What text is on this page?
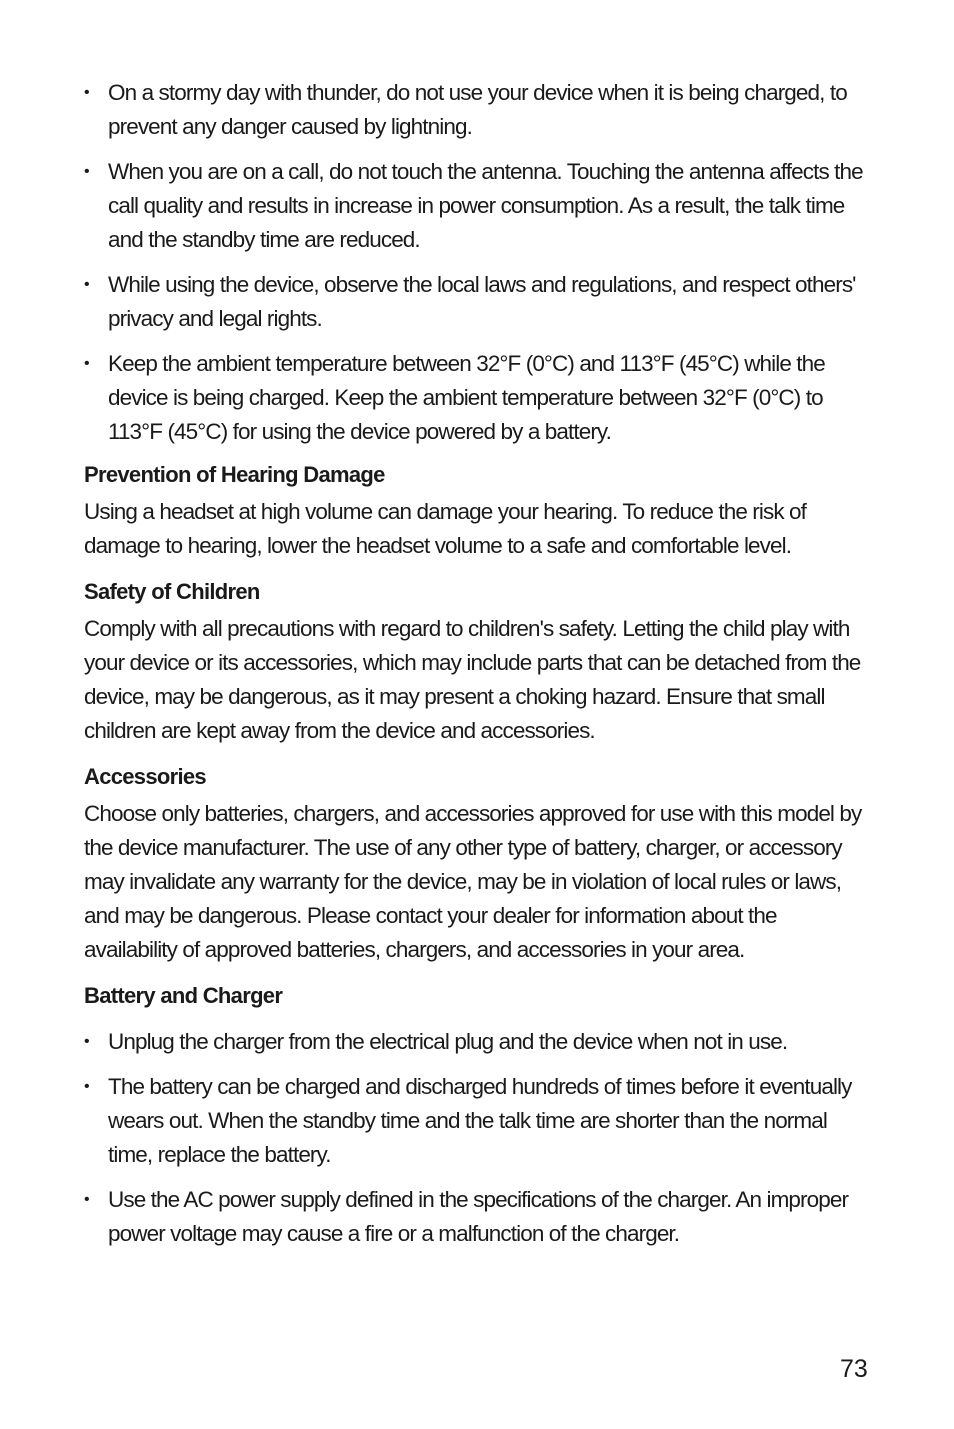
• On a stormy day with thunder, do not use your device when it is being charged, to prevent any danger caused by lightning.
• When you are on a call, do not touch the antenna. Touching the antenna affects the call quality and results in increase in power consumption. As a result, the talk time and the standby time are reduced.
• While using the device, observe the local laws and regulations, and respect others' privacy and legal rights.
• Keep the ambient temperature between 32°F (0°C) and 113°F (45°C) while the device is being charged. Keep the ambient temperature between 32°F (0°C) to 113°F (45°C) for using the device powered by a battery.
Prevention of Hearing Damage
Using a headset at high volume can damage your hearing. To reduce the risk of damage to hearing, lower the headset volume to a safe and comfortable level.
Safety of Children
Comply with all precautions with regard to children's safety. Letting the child play with your device or its accessories, which may include parts that can be detached from the device, may be dangerous, as it may present a choking hazard. Ensure that small children are kept away from the device and accessories.
Accessories
Choose only batteries, chargers, and accessories approved for use with this model by the device manufacturer. The use of any other type of battery, charger, or accessory may invalidate any warranty for the device, may be in violation of local rules or laws, and may be dangerous. Please contact your dealer for information about the availability of approved batteries, chargers, and accessories in your area.
Battery and Charger
• Unplug the charger from the electrical plug and the device when not in use.
• The battery can be charged and discharged hundreds of times before it eventually wears out. When the standby time and the talk time are shorter than the normal time, replace the battery.
• Use the AC power supply defined in the specifications of the charger. An improper power voltage may cause a fire or a malfunction of the charger.
73
